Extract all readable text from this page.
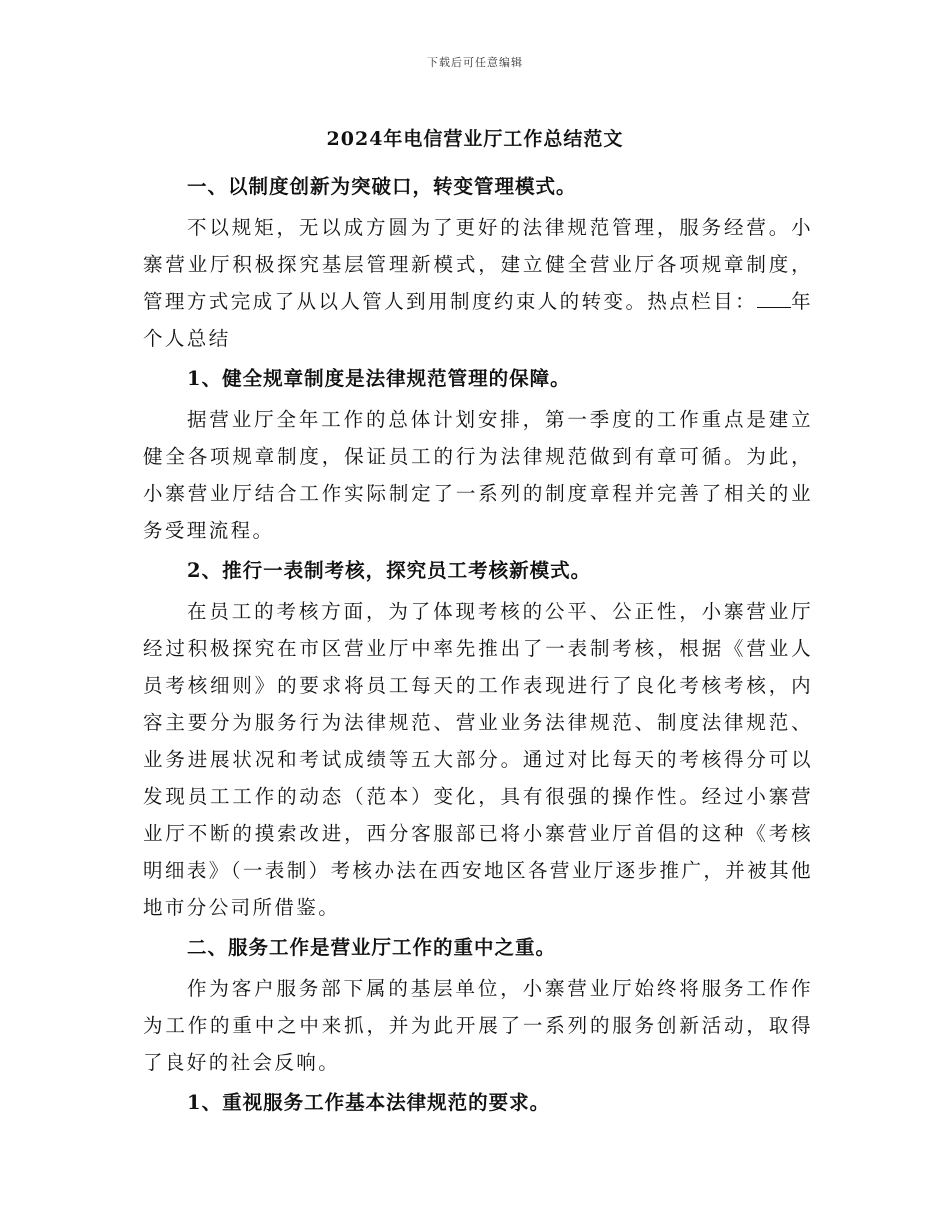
下载后可任意编辑
2024年电信营业厅工作总结范文
一、以制度创新为突破口，转变管理模式。
不以规矩，无以成方圆为了更好的法律规范管理，服务经营。小寨营业厅积极探究基层管理新模式，建立健全营业厅各项规章制度，管理方式完成了从以人管人到用制度约束人的转变。热点栏目： 年个人总结
1、健全规章制度是法律规范管理的保障。
据营业厅全年工作的总体计划安排，第一季度的工作重点是建立健全各项规章制度，保证员工的行为法律规范做到有章可循。为此，小寨营业厅结合工作实际制定了一系列的制度章程并完善了相关的业务受理流程。
2、推行一表制考核，探究员工考核新模式。
在员工的考核方面，为了体现考核的公平、公正性，小寨营业厅经过积极探究在市区营业厅中率先推出了一表制考核，根据《营业人员考核细则》的要求将员工每天的工作表现进行了良化考核考核，内容主要分为服务行为法律规范、营业业务法律规范、制度法律规范、业务进展状况和考试成绩等五大部分。通过对比每天的考核得分可以发现员工工作的动态（范本）变化，具有很强的操作性。经过小寨营业厅不断的摸索改进，西分客服部已将小寨营业厅首倡的这种《考核明细表》（一表制）考核办法在西安地区各营业厅逐步推广，并被其他地市分公司所借鉴。
二、服务工作是营业厅工作的重中之重。
作为客户服务部下属的基层单位，小寨营业厅始终将服务工作作为工作的重中之中来抓，并为此开展了一系列的服务创新活动，取得了良好的社会反响。
1、重视服务工作基本法律规范的要求。
